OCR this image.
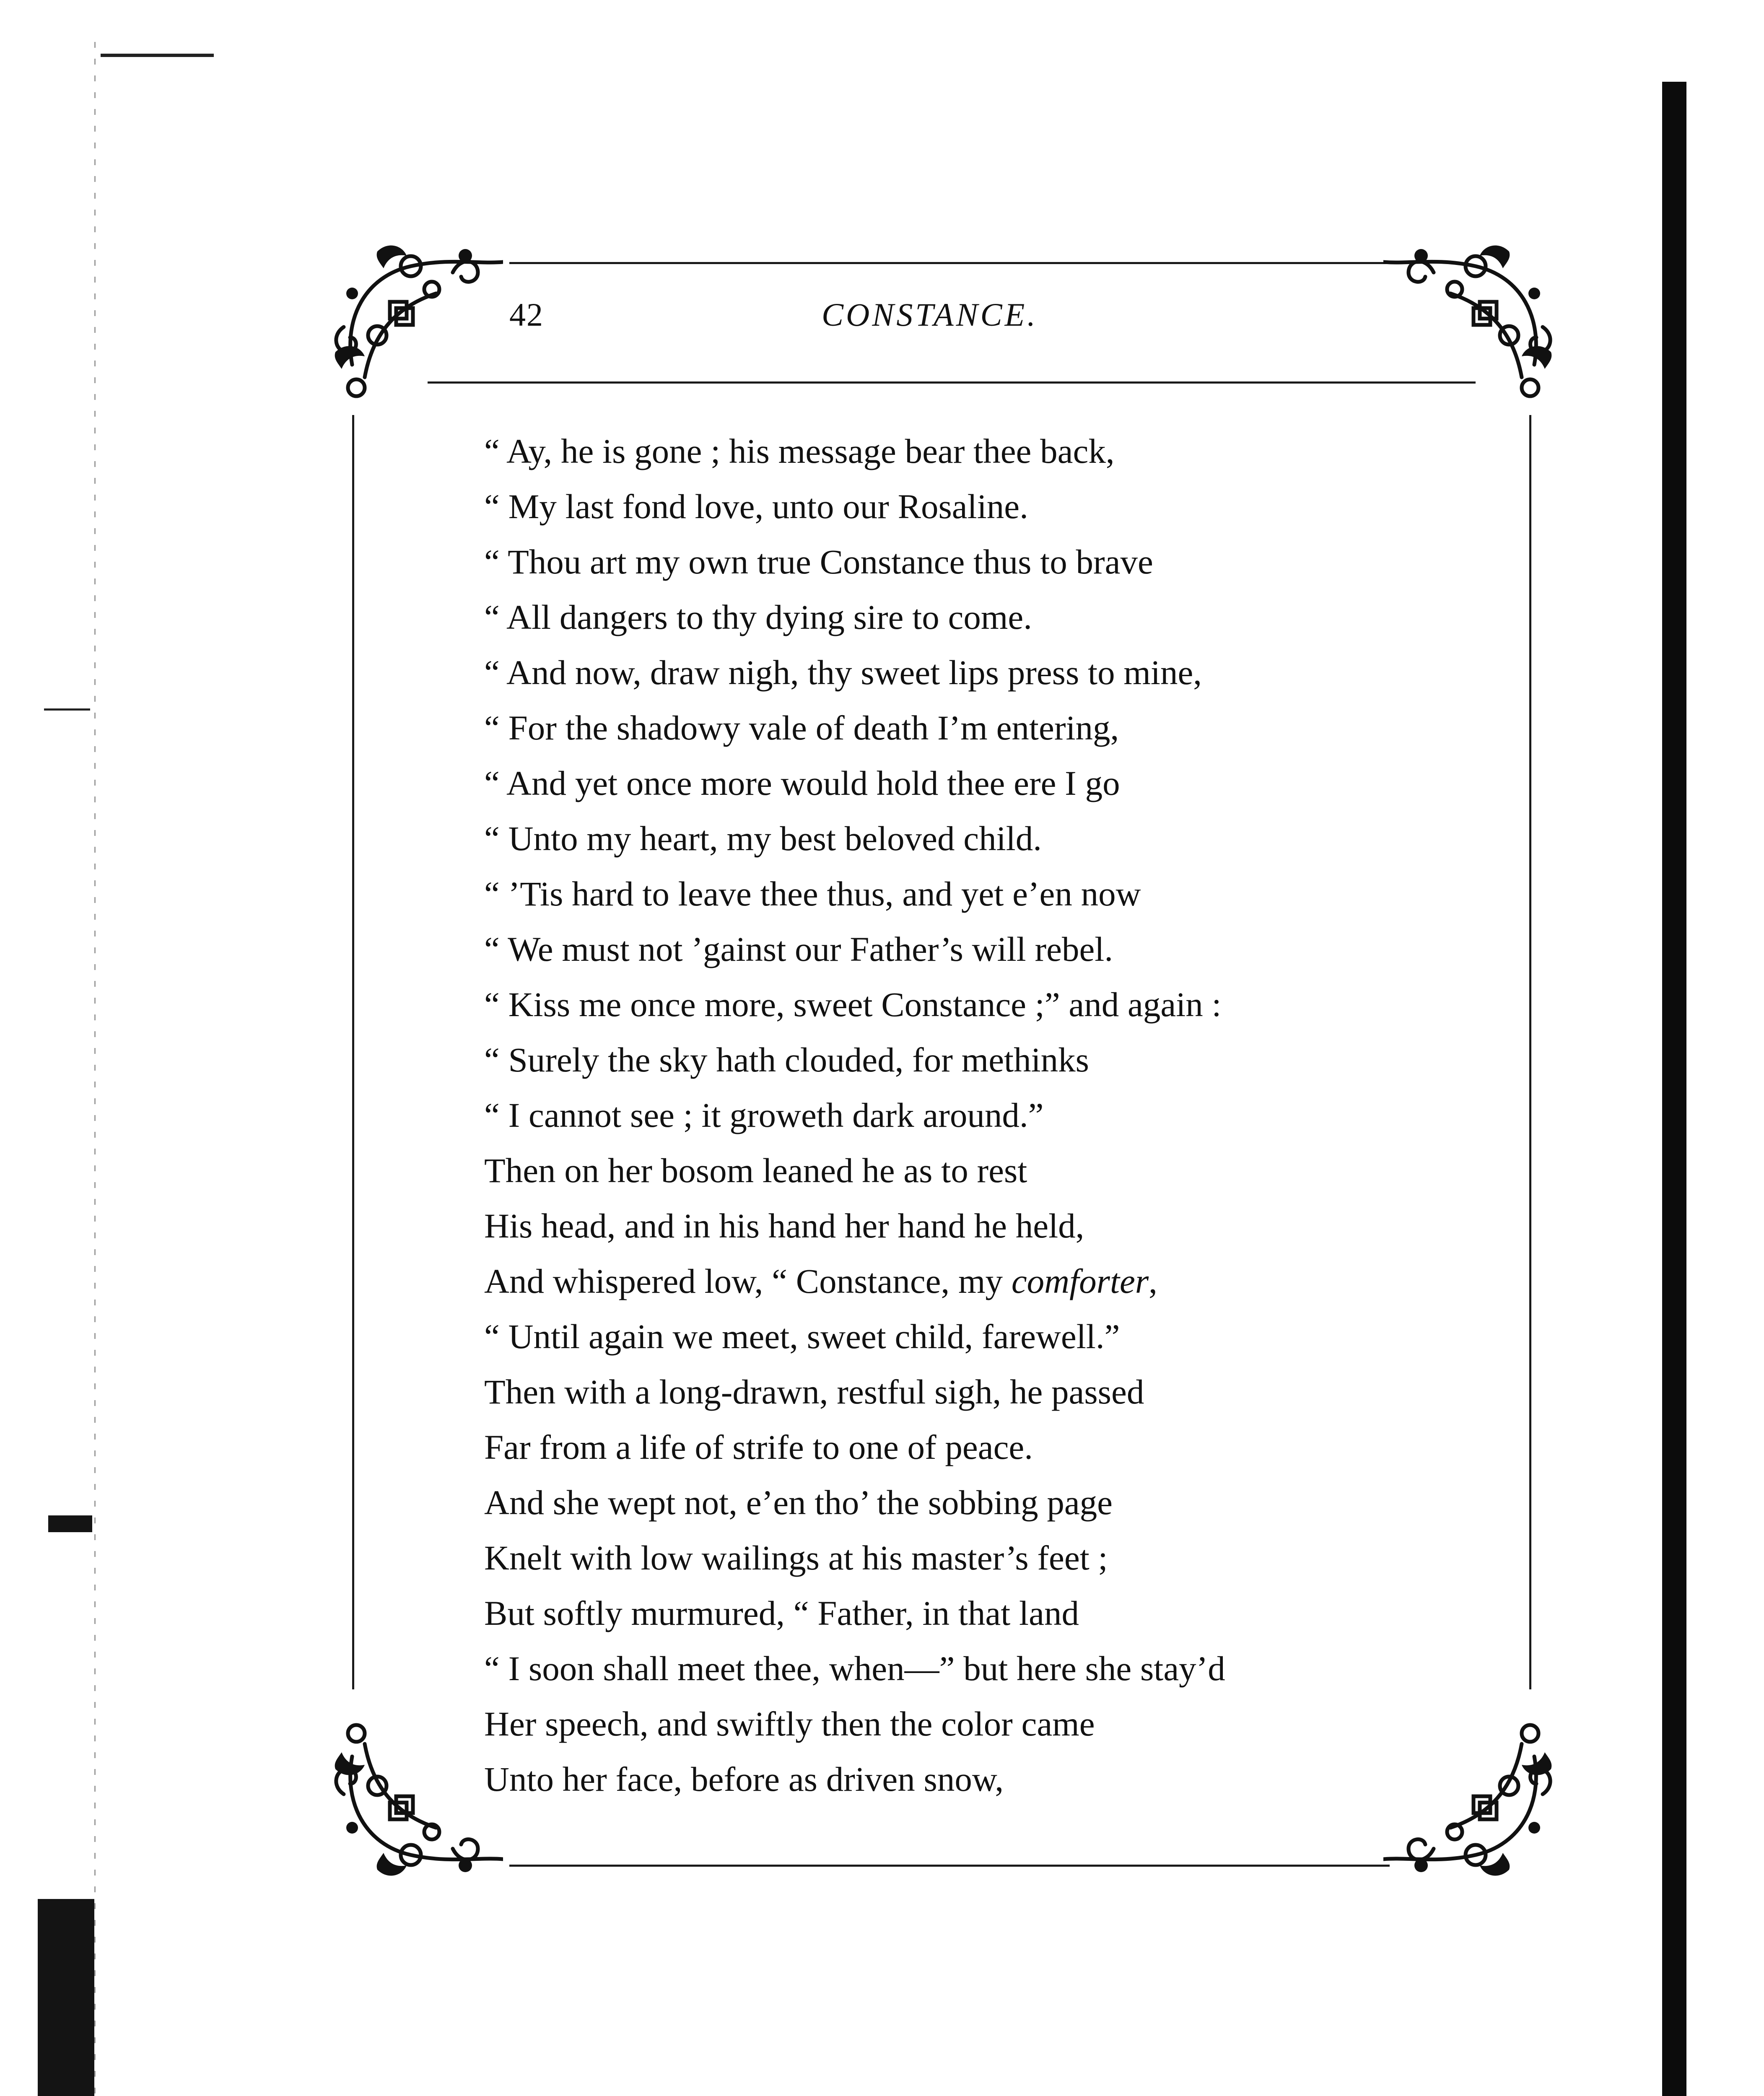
42	CONSTANCE.
“ Ay, he is gone ; his message bear thee back,
“ My last fond love, unto our Rosaline.
“ Thou art my own true Constance thus to brave
“ All dangers to thy dying sire to come.
“ And now, draw nigh, thy sweet lips press to mine,
“ For the shadowy vale of death I’m entering,
“ And yet once more would hold thee ere I go
“ Unto my heart, my best beloved child.
“ ’Tis hard to leave thee thus, and yet e’en now
“ We must not ’gainst our Father’s will rebel.
“ Kiss me once more, sweet Constance ;” and again :
“ Surely the sky hath clouded, for methinks
“ I cannot see ; it groweth dark around.”
Then on her bosom leaned he as to rest
His head, and in his hand her hand he held,
And whispered low, “ Constance, my comforter,
“ Until again we meet, sweet child, farewell.”
Then with a long-drawn, restful sigh, he passed
Far from a life of strife to one of peace.
And she wept not, e’en tho’ the sobbing page
Knelt with low wailings at his master’s feet ;
But softly murmured, “ Father, in that land
“ I soon shall meet thee, when—” but here she stay’d
Her speech, and swiftly then the color came
Unto her face, before as driven snow,
